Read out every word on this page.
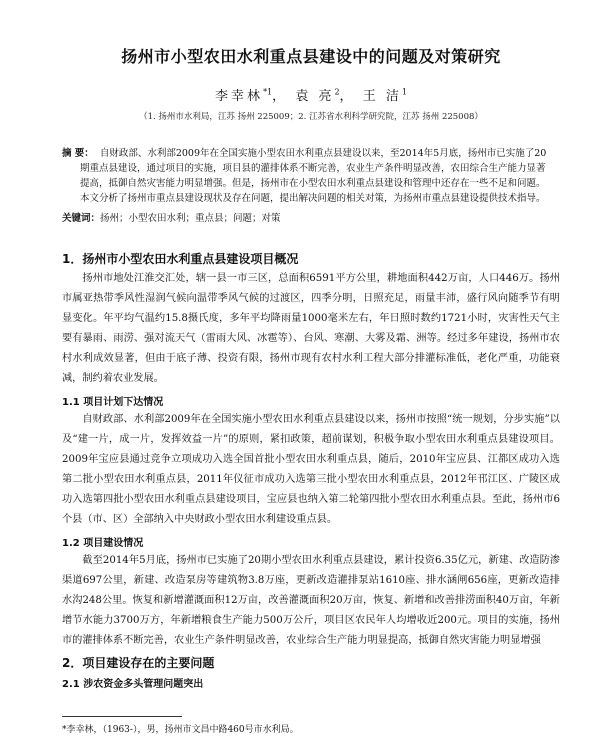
扬州市小型农田水利重点县建设中的问题及对策研究
李幸林$^{*1}$， 袁 亮$^2$， 王 洁$^1$
（1. 扬州市水利局，江苏 扬州 225009；2. 江苏省水利科学研究院，江苏 扬州 225008）
摘 要： 自财政部、水利部2009年在全国实施小型农田水利重点县建设以来，至2014年5月底，扬州市已实施了20期重点县建设，通过项目的实施，项目县的灌排体系不断完善，农业生产条件明显改善，农田综合生产能力显著提高，抵御自然灾害能力明显增强。但是，扬州市在小型农田水利重点县建设和管理中还存在一些不足和问题。本文分析了扬州市重点县建设现状及存在问题，提出解决问题的相关对策，为扬州市重点县建设提供技术指导。
关键词：扬州；小型农田水利；重点县；问题；对策
1．扬州市小型农田水利重点县建设项目概况

扬州市地处江淮交汇处，辖一县一市三区，总面积6591平方公里，耕地面积442万亩，人口446万。扬州市属亚热带季风性湿润气候向温带季风气候的过渡区，四季分明，日照充足，雨量丰沛，盛行风向随季节有明显变化。年平均气温约15.8摄氏度，多年平均降雨量1000毫米左右，年日照时数约1721小时，灾害性天气主要有暴雨、雨涝、强对流天气（雷雨大风、冰雹等）、台风、寒潮、大雾及霜、洲等。经过多年建设，扬州市农村水利成效显著，但由于底子薄、投资有限，扬州市现有农村水利工程大部分排灌标准低，老化严重，功能衰减，制约着农业发展。

1.1 项目计划下达情况

自财政部、水利部2009年在全国实施小型农田水利重点县建设以来，扬州市按照“统一规划，分步实施”以及“建一片，成一片，发挥效益一片”的原则，紧扣政策，超前谋划，积极争取小型农田水利重点县建设项目。2009年宝应县通过竞争立项成功入选全国首批小型农田水利重点县，随后，2010年宝应县、江都区成功入选第二批小型农田水利重点县，2011年仪征市成功入选第三批小型农田水利重点县，2012年邗江区、广陵区成功入选第四批小型农田水利重点县建设项目，宝应县也纳入第二轮第四批小型农田水利重点县。至此，扬州市6个县（市、区）全部纳入中央财政小型农田水利建设重点县。

1.2 项目建设情况

截至2014年5月底，扬州市已实施了20期小型农田水利重点县建设，累计投资6.35亿元，新建、改造防渗渠道697公里，新建、改造泵房等建筑物3.8万座，更新改造灌排泵站1610座、排水涵闸656座，更新改造排水沟248公里。恢复和新增灌溉面积12万亩，改善灌溉面积20万亩，恢复、新增和改善排涝面积40万亩，年新增节水能力3700万方，年新增粮食生产能力500万公斤，项目区农民年人均增收近200元。项目的实施，扬州市的灌排体系不断完善，农业生产条件明显改善，农业综合生产能力明显提高，抵御自然灾害能力明显增强

2．项目建设存在的主要问题
2.1 涉农资金多头管理问题突出
*李幸林，（1963-），男，扬州市文昌中路460号市水利局。
